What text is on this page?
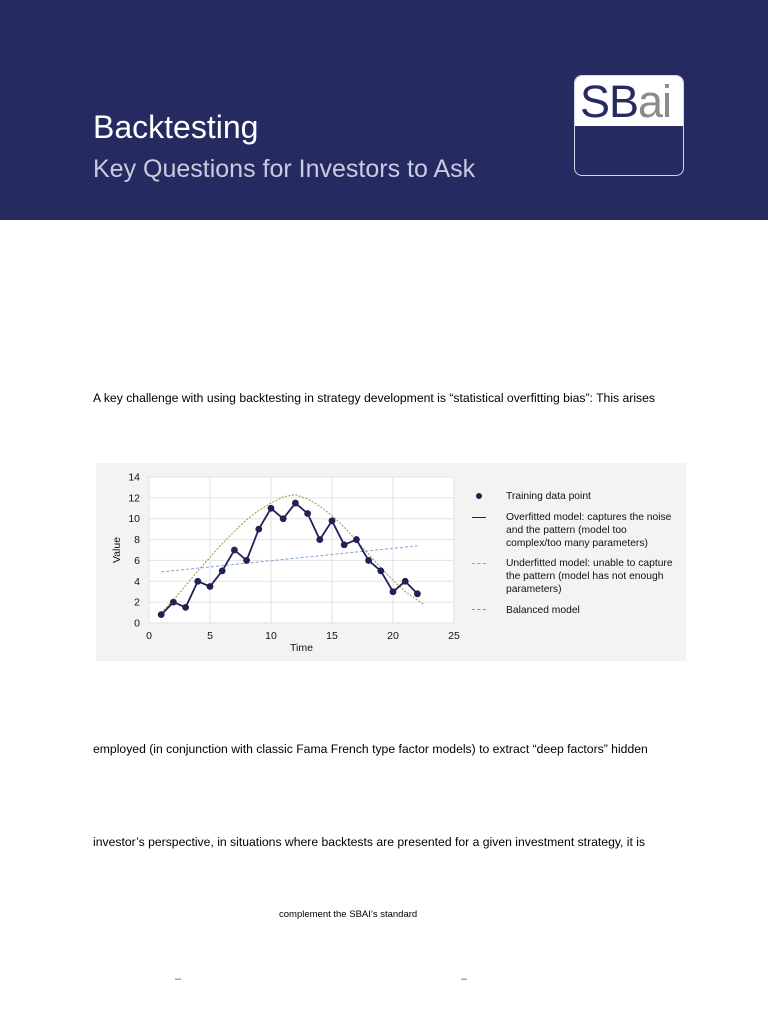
Backtesting
Key Questions for Investors to Ask
SBai

A key challenge with using backtesting in strategy development is “statistical overfitting bias”: This arises

0	5	10	15	20	25
0
2
4
6
8
10
12
14
Time
Value
Training data point
Overfitted model: captures the noise and the pattern (model too complex/too many parameters)
Underfitted model: unable to capture the pattern (model has not enough parameters)
Balanced model

employed (in conjunction with classic Fama French type factor models) to extract “deep factors” hidden

investor’s perspective, in situations where backtests are presented for a given investment strategy, it is

complement the SBAI’s standard
–	–
